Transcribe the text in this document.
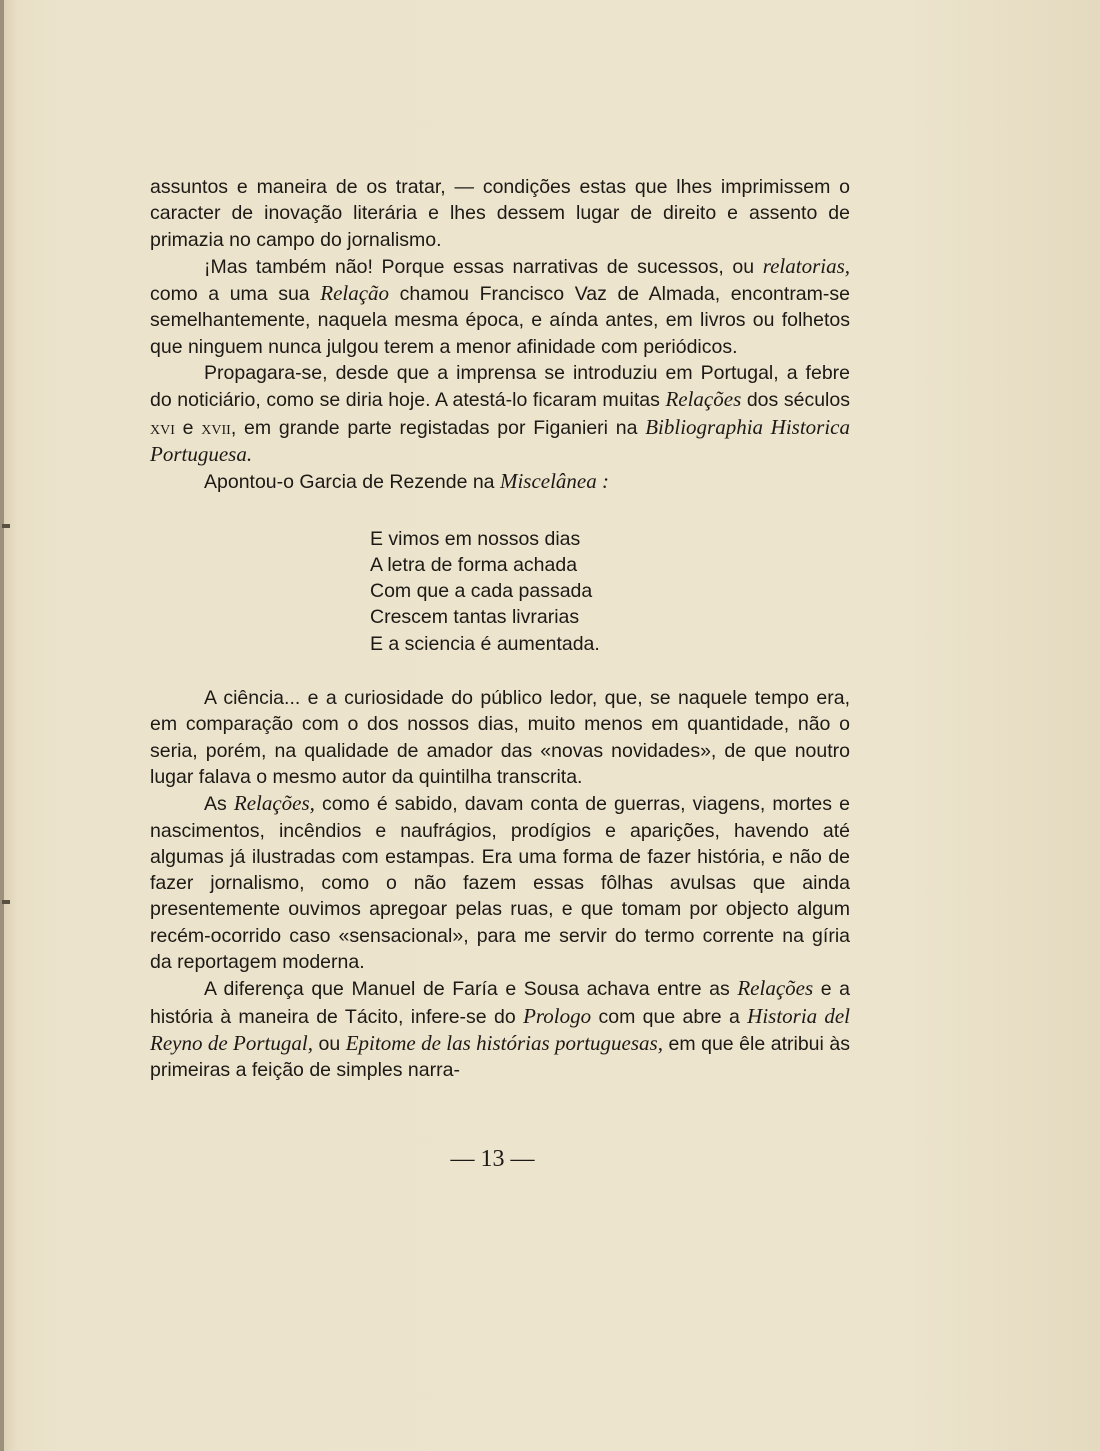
assuntos e maneira de os tratar, — condições estas que lhes imprimissem o caracter de inovação literária e lhes dessem lugar de direito e assento de primazia no campo do jornalismo.

¡Mas também não! Porque essas narrativas de sucessos, ou relatorias, como a uma sua Relação chamou Francisco Vaz de Almada, encontram-se semelhantemente, naquela mesma época, e aínda antes, em livros ou folhetos que ninguem nunca julgou terem a menor afinidade com periódicos.

Propagara-se, desde que a imprensa se introduziu em Portugal, a febre do noticiário, como se diria hoje. A atestá-lo ficaram muitas Relações dos séculos xvi e xvii, em grande parte registadas por Figanieri na Bibliographia Historica Portuguesa.

Apontou-o Garcia de Rezende na Miscelânea :

E vimos em nossos dias
A letra de forma achada
Com que a cada passada
Crescem tantas livrarias
E a sciencia é aumentada.

A ciência... e a curiosidade do público ledor, que, se naquele tempo era, em comparação com o dos nossos dias, muito menos em quantidade, não o seria, porém, na qualidade de amador das «novas novidades», de que noutro lugar falava o mesmo autor da quintilha transcrita.

As Relações, como é sabido, davam conta de guerras, viagens, mortes e nascimentos, incêndios e naufrágios, prodígios e aparições, havendo até algumas já ilustradas com estampas. Era uma forma de fazer história, e não de fazer jornalismo, como o não fazem essas fôlhas avulsas que ainda presentemente ouvimos apregoar pelas ruas, e que tomam por objecto algum recém-ocorrido caso «sensacional», para me servir do termo corrente na gíria da reportagem moderna.

A diferença que Manuel de Faría e Sousa achava entre as Relações e a história à maneira de Tácito, infere-se do Prologo com que abre a Historia del Reyno de Portugal, ou Epitome de las histórias portuguesas, em que êle atribui às primeiras a feição de simples narra-

— 13 —
